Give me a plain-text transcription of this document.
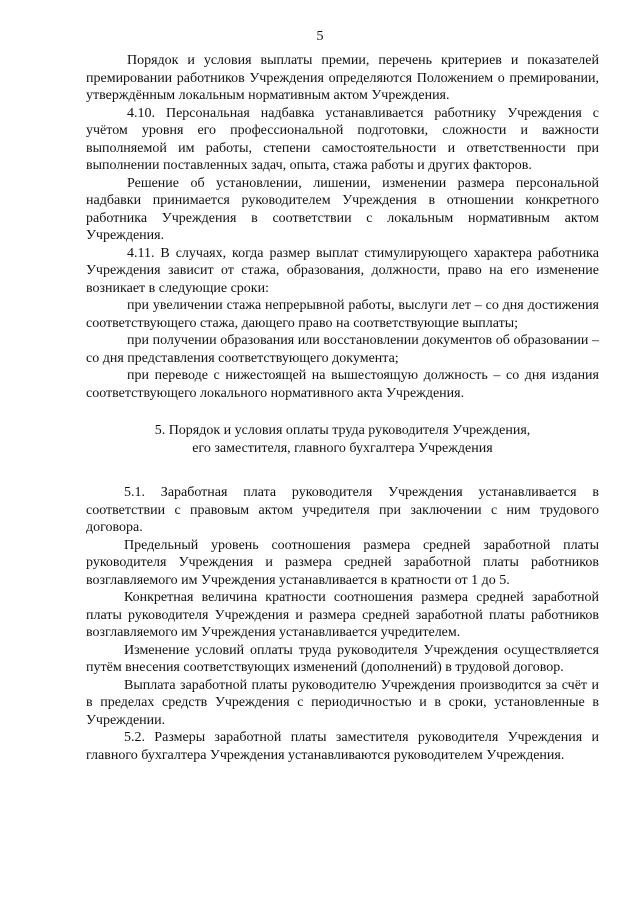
5

Порядок и условия выплаты премии, перечень критериев и показателей премировании работников Учреждения определяются Положением о премировании, утверждённым локальным нормативным актом Учреждения.

4.10. Персональная надбавка устанавливается работнику Учреждения с учётом уровня его профессиональной подготовки, сложности и важности выполняемой им работы, степени самостоятельности и ответственности при выполнении поставленных задач, опыта, стажа работы и других факторов.

Решение об установлении, лишении, изменении размера персональной надбавки принимается руководителем Учреждения в отношении конкретного работника Учреждения в соответствии с локальным нормативным актом Учреждения.

4.11. В случаях, когда размер выплат стимулирующего характера работника Учреждения зависит от стажа, образования, должности, право на его изменение возникает в следующие сроки:

при увеличении стажа непрерывной работы, выслуги лет – со дня достижения соответствующего стажа, дающего право на соответствующие выплаты;

при получении образования или восстановлении документов об образовании – со дня представления соответствующего документа;

при переводе с нижестоящей на вышестоящую должность – со дня издания соответствующего локального нормативного акта Учреждения.

5. Порядок и условия оплаты труда руководителя Учреждения,

его заместителя, главного бухгалтера Учреждения

5.1. Заработная плата руководителя Учреждения устанавливается в соответствии с правовым актом учредителя при заключении с ним трудового договора.

Предельный уровень соотношения размера средней заработной платы руководителя Учреждения и размера средней заработной платы работников возглавляемого им Учреждения устанавливается в кратности от 1 до 5.

Конкретная величина кратности соотношения размера средней заработной платы руководителя Учреждения и размера средней заработной платы работников возглавляемого им Учреждения устанавливается учредителем.

Изменение условий оплаты труда руководителя Учреждения осуществляется путём внесения соответствующих изменений (дополнений) в трудовой договор.

Выплата заработной платы руководителю Учреждения производится за счёт и в пределах средств Учреждения с периодичностью и в сроки, установленные в Учреждении.

5.2. Размеры заработной платы заместителя руководителя Учреждения и главного бухгалтера Учреждения устанавливаются руководителем Учреждения.
